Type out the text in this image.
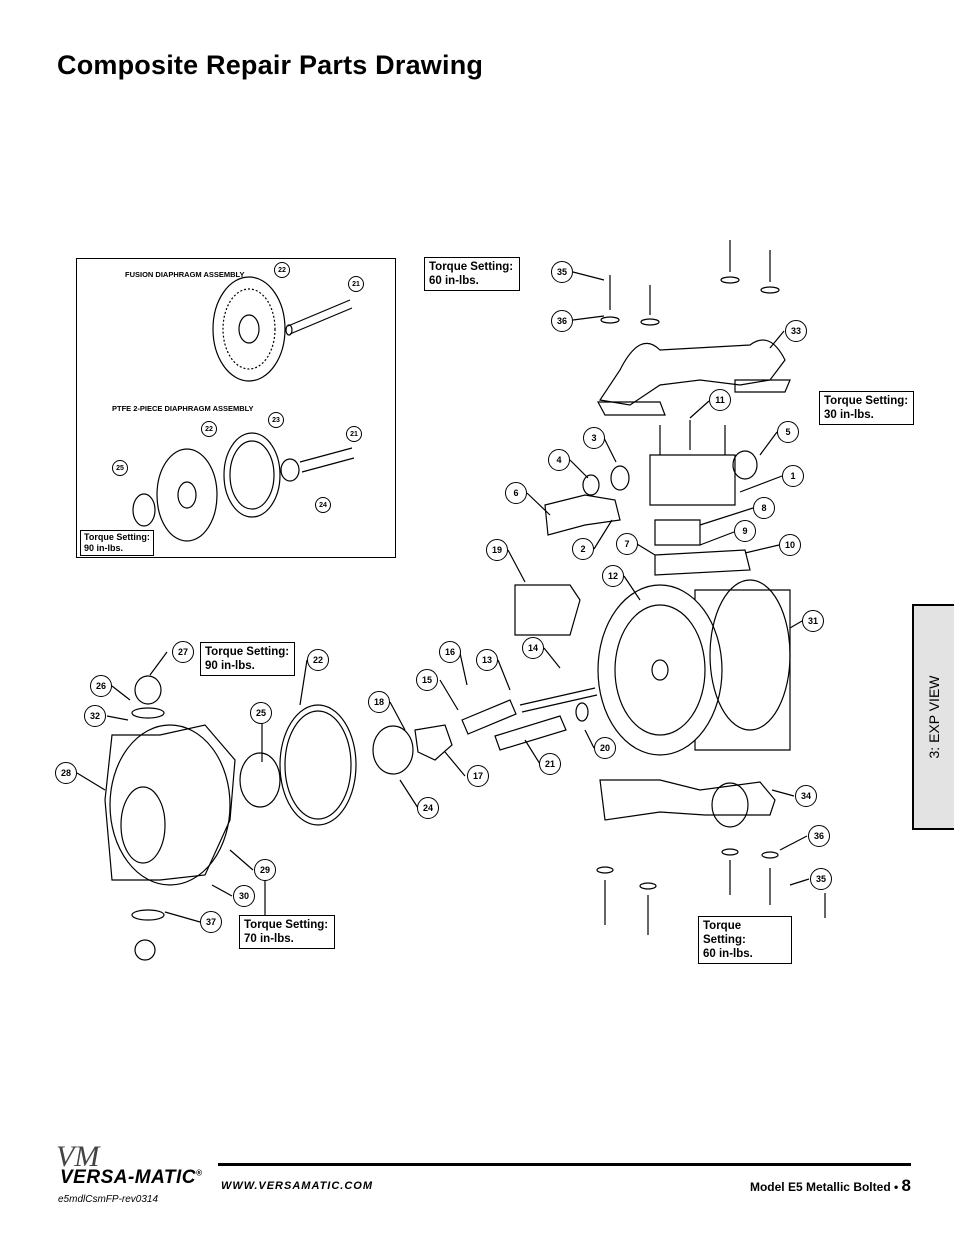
Composite Repair Parts Drawing
3: EXP VIEW
FUSION DIAPHRAGM ASSEMBLY
PTFE 2-PIECE DIAPHRAGM ASSEMBLY
Torque Setting:
90 in-lbs.
Torque Setting:
60 in-lbs.
Torque Setting:
30 in-lbs.
Torque Setting:
90 in-lbs.
Torque Setting:
70 in-lbs.
Torque Setting:
60 in-lbs.
22
21
22
23
21
25
24
35
36
33
11
5
3
4
1
6
8
9
7
2	10
19
12
31
27
22
16
13
14
26
15
25
18
32
20
28
21
17
24
34
36
29
30
35
37
VM
VERSA-MATIC®
e5mdlCsmFP-rev0314
WWW.VERSAMATIC.COM	Model E5 Metallic Bolted • 8
